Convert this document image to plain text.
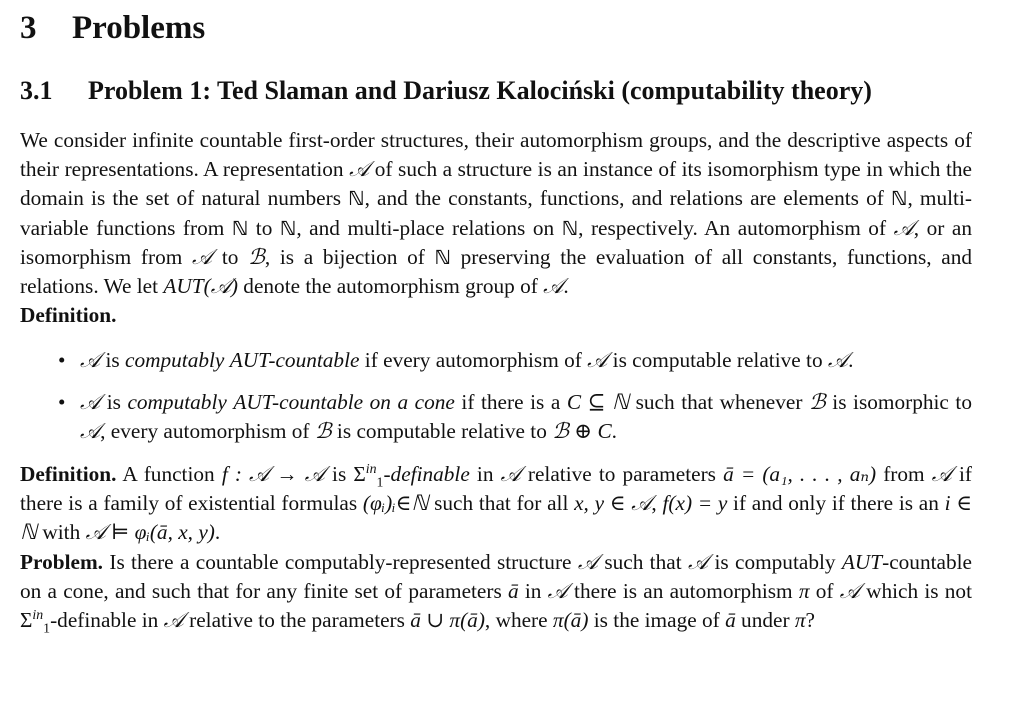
3 Problems
3.1 Problem 1: Ted Slaman and Dariusz Kalociński (computability theory)

We consider infinite countable first-order structures, their automorphism groups, and the descriptive aspects of their representations. A representation 𝒜 of such a structure is an instance of its isomorphism type in which the domain is the set of natural numbers ℕ, and the constants, functions, and relations are elements of ℕ, multi-variable functions from ℕ to ℕ, and multi-place relations on ℕ, respectively. An automorphism of 𝒜, or an isomorphism from 𝒜 to ℬ, is a bijection of ℕ preserving the evaluation of all constants, functions, and relations. We let AUT(𝒜) denote the automorphism group of 𝒜.

Definition.

• 𝒜 is computably AUT-countable if every automorphism of 𝒜 is computable relative to 𝒜.
• 𝒜 is computably AUT-countable on a cone if there is a C ⊆ ℕ such that whenever ℬ is isomorphic to 𝒜, every automorphism of ℬ is computable relative to ℬ ⊕ C.

Definition. A function f : 𝒜 → 𝒜 is $\Sigma^{in}_1$-definable in 𝒜 relative to parameters ā = (a₁, . . . , aₙ) from 𝒜 if there is a family of existential formulas (φᵢ)ᵢ∈ℕ such that for all x, y ∈ 𝒜, f(x) = y if and only if there is an i ∈ ℕ with 𝒜 ⊨ φᵢ(ā, x, y).

Problem. Is there a countable computably-represented structure 𝒜 such that 𝒜 is computably AUT-countable on a cone, and such that for any finite set of parameters ā in 𝒜 there is an automorphism π of 𝒜 which is not $\Sigma^{in}_1$-definable in 𝒜 relative to the parameters ā ∪ π(ā), where π(ā) is the image of ā under π?
